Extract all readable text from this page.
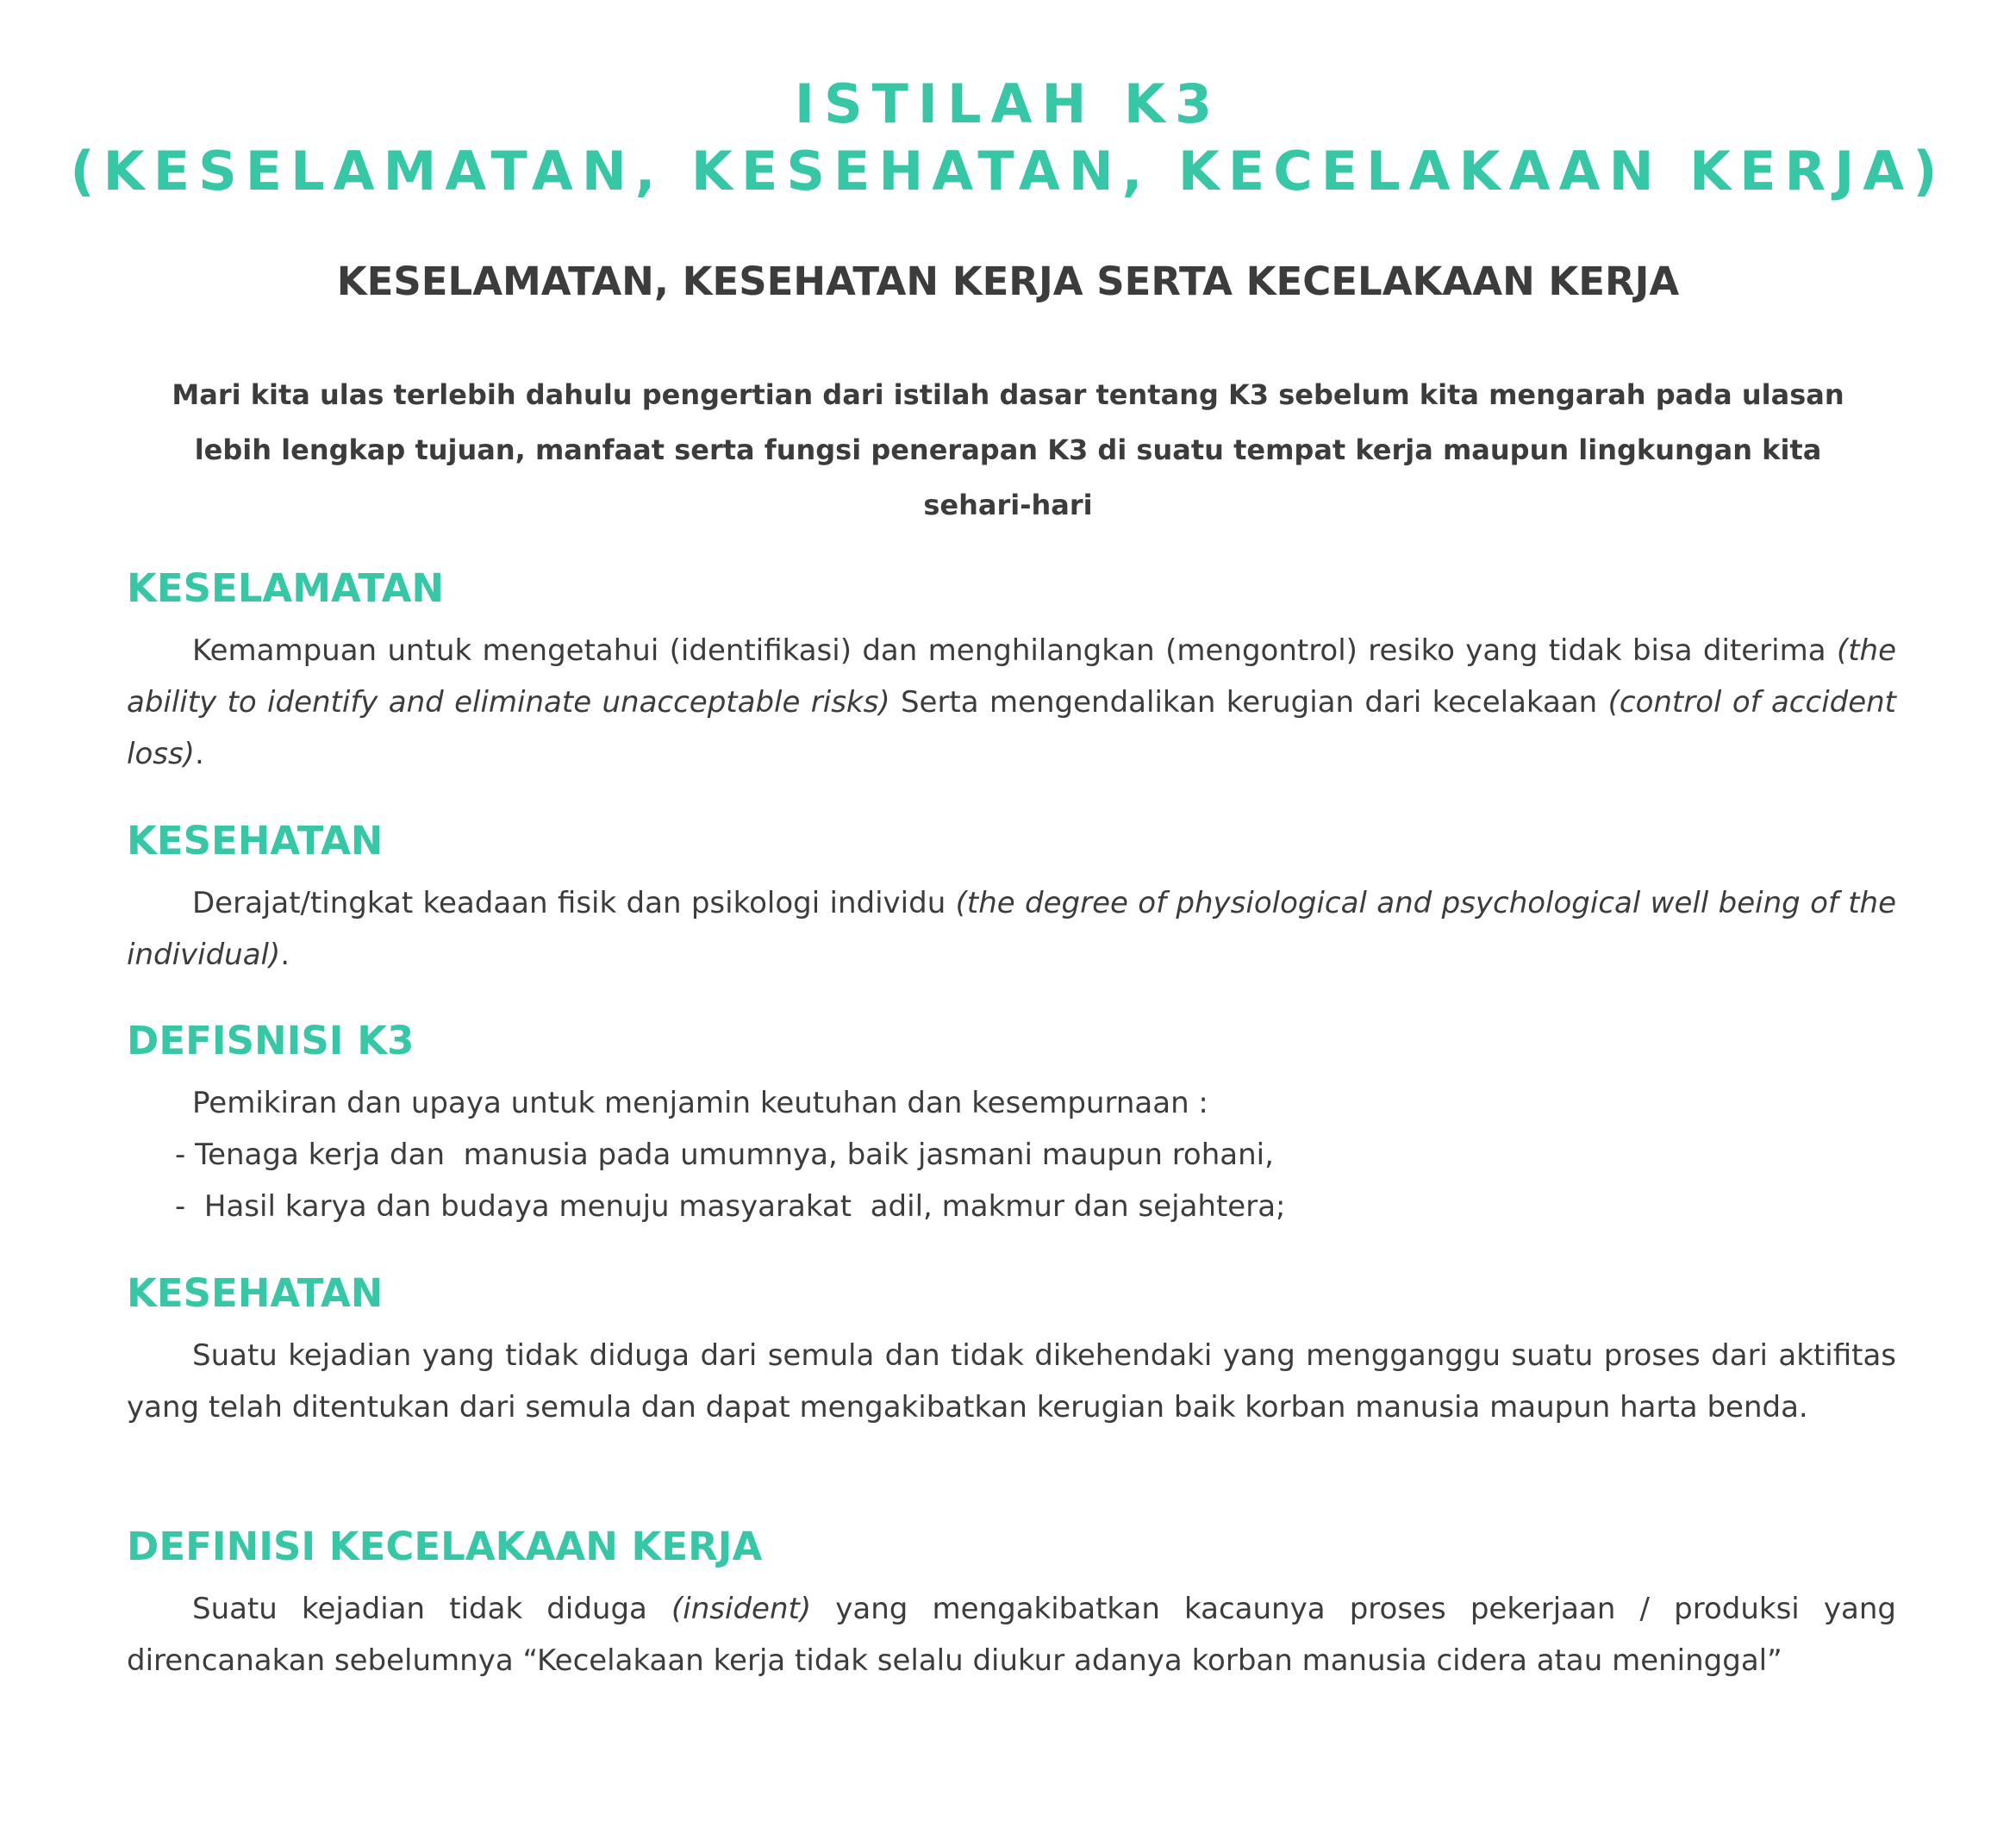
ISTILAH K3
(KESELAMATAN, KESEHATAN, KECELAKAAN KERJA)
KESELAMATAN, KESEHATAN KERJA SERTA KECELAKAAN KERJA

Mari kita ulas terlebih dahulu pengertian dari istilah dasar tentang K3 sebelum kita mengarah pada ulasan lebih lengkap tujuan, manfaat serta fungsi penerapan K3 di suatu tempat kerja maupun lingkungan kita sehari-hari

KESELAMATAN

Kemampuan untuk mengetahui (identifikasi) dan menghilangkan (mengontrol) resiko yang tidak bisa diterima (the ability to identify and eliminate unacceptable risks) Serta mengendalikan kerugian dari kecelakaan (control of accident loss).

KESEHATAN

Derajat/tingkat keadaan fisik dan psikologi individu (the degree of physiological and psychological well being of the individual).

DEFISNISI K3

Pemikiran dan upaya untuk menjamin keutuhan dan kesempurnaan :

- Tenaga kerja dan  manusia pada umumnya, baik jasmani maupun rohani,

-  Hasil karya dan budaya menuju masyarakat  adil, makmur dan sejahtera;

KESEHATAN

Suatu kejadian yang tidak diduga dari semula dan tidak dikehendaki yang mengganggu suatu proses dari aktifitas yang telah ditentukan dari semula dan dapat mengakibatkan kerugian baik korban manusia maupun harta benda.

DEFINISI KECELAKAAN KERJA

Suatu kejadian tidak diduga (insident) yang mengakibatkan kacaunya proses pekerjaan / produksi yang direncanakan sebelumnya “Kecelakaan kerja tidak selalu diukur adanya korban manusia cidera atau meninggal”
